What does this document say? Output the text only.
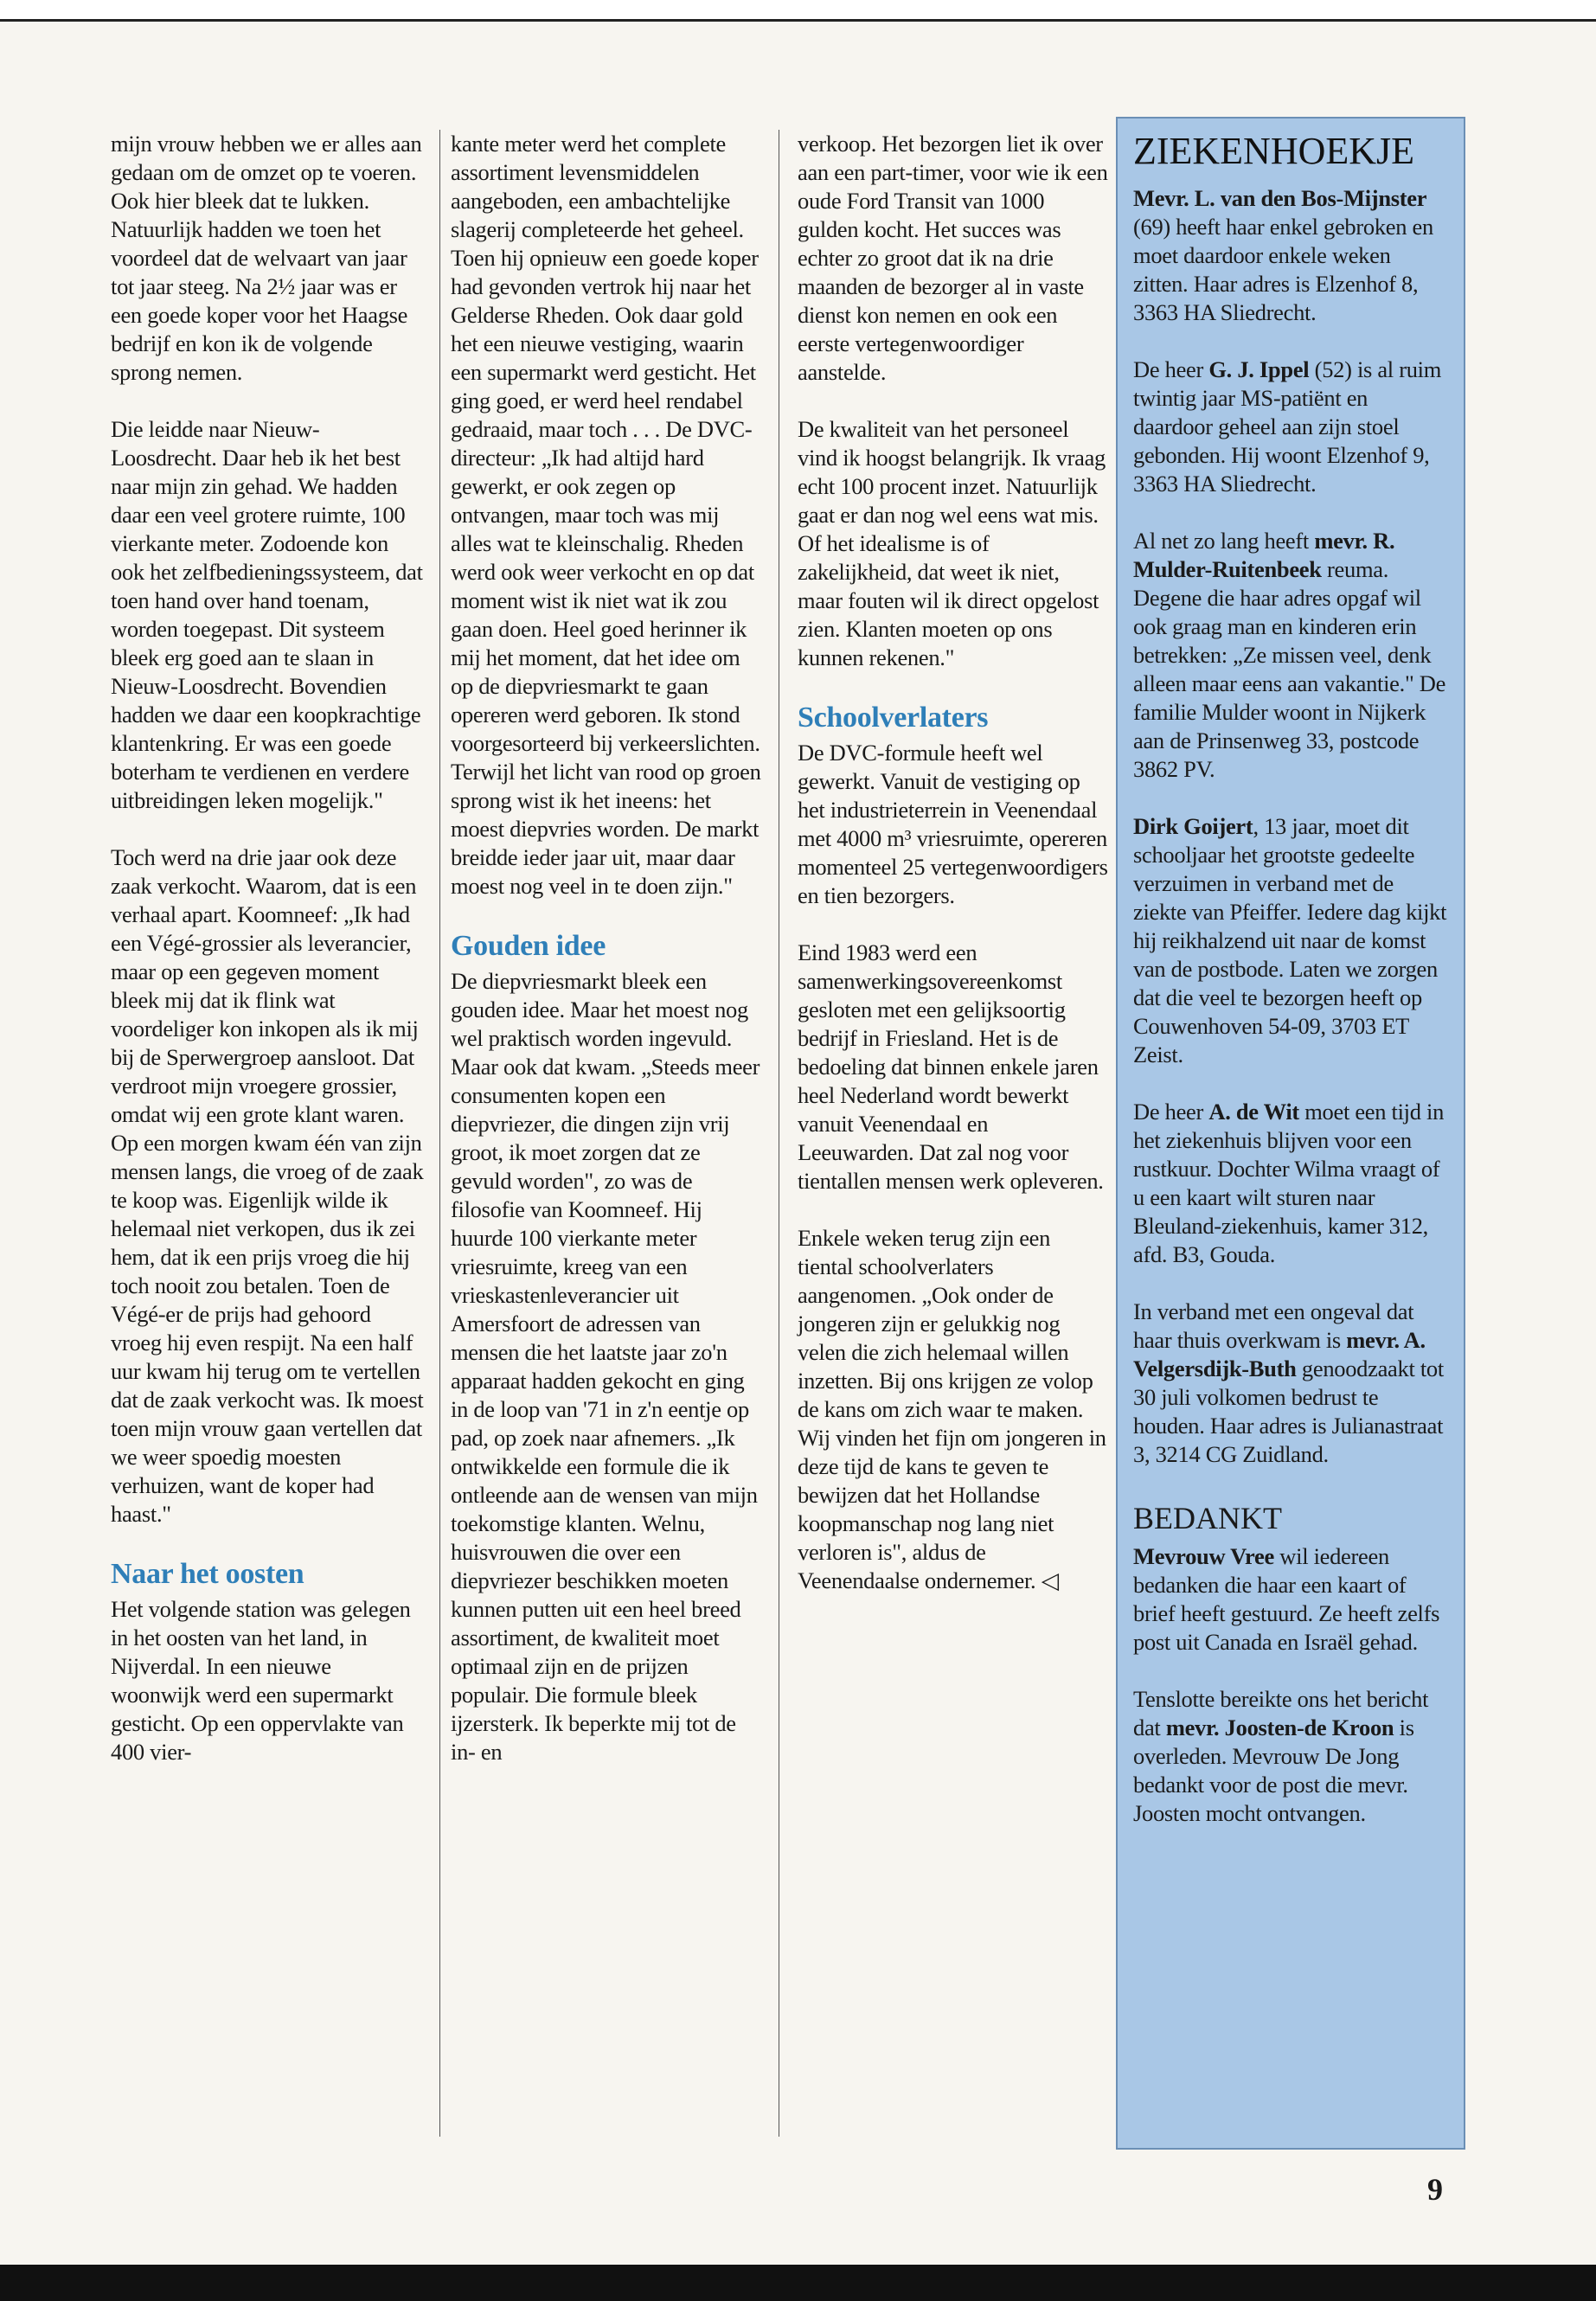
mijn vrouw hebben we er alles aan gedaan om de omzet op te voeren. Ook hier bleek dat te lukken. Natuurlijk hadden we toen het voordeel dat de welvaart van jaar tot jaar steeg. Na 2½ jaar was er een goede koper voor het Haagse bedrijf en kon ik de volgende sprong nemen.

Die leidde naar Nieuw-Loosdrecht. Daar heb ik het best naar mijn zin gehad. We hadden daar een veel grotere ruimte, 100 vierkante meter. Zodoende kon ook het zelfbedieningssysteem, dat toen hand over hand toenam, worden toegepast. Dit systeem bleek erg goed aan te slaan in Nieuw-Loosdrecht. Bovendien hadden we daar een koopkrachtige klantenkring. Er was een goede boterham te verdienen en verdere uitbreidingen leken mogelijk."

Toch werd na drie jaar ook deze zaak verkocht. Waarom, dat is een verhaal apart. Koomneef: „Ik had een Végé-grossier als leverancier, maar op een gegeven moment bleek mij dat ik flink wat voordeliger kon inkopen als ik mij bij de Sperwergroep aansloot. Dat verdroot mijn vroegere grossier, omdat wij een grote klant waren. Op een morgen kwam één van zijn mensen langs, die vroeg of de zaak te koop was. Eigenlijk wilde ik helemaal niet verkopen, dus ik zei hem, dat ik een prijs vroeg die hij toch nooit zou betalen. Toen de Végé-er de prijs had gehoord vroeg hij even respijt. Na een half uur kwam hij terug om te vertellen dat de zaak verkocht was. Ik moest toen mijn vrouw gaan vertellen dat we weer spoedig moesten verhuizen, want de koper had haast."

Naar het oosten

Het volgende station was gelegen in het oosten van het land, in Nijverdal. In een nieuwe woonwijk werd een supermarkt gesticht. Op een oppervlakte van 400 vier-

kante meter werd het complete assortiment levensmiddelen aangeboden, een ambachtelijke slagerij completeerde het geheel. Toen hij opnieuw een goede koper had gevonden vertrok hij naar het Gelderse Rheden. Ook daar gold het een nieuwe vestiging, waarin een supermarkt werd gesticht. Het ging goed, er werd heel rendabel gedraaid, maar toch . . . De DVC-directeur: „Ik had altijd hard gewerkt, er ook zegen op ontvangen, maar toch was mij alles wat te kleinschalig. Rheden werd ook weer verkocht en op dat moment wist ik niet wat ik zou gaan doen. Heel goed herinner ik mij het moment, dat het idee om op de diepvriesmarkt te gaan opereren werd geboren. Ik stond voorgesorteerd bij verkeerslichten. Terwijl het licht van rood op groen sprong wist ik het ineens: het moest diepvries worden. De markt breidde ieder jaar uit, maar daar moest nog veel in te doen zijn."

Gouden idee

De diepvriesmarkt bleek een gouden idee. Maar het moest nog wel praktisch worden ingevuld. Maar ook dat kwam. „Steeds meer consumenten kopen een diepvriezer, die dingen zijn vrij groot, ik moet zorgen dat ze gevuld worden", zo was de filosofie van Koomneef. Hij huurde 100 vierkante meter vriesruimte, kreeg van een vrieskastenleverancier uit Amersfoort de adressen van mensen die het laatste jaar zo'n apparaat hadden gekocht en ging in de loop van '71 in z'n eentje op pad, op zoek naar afnemers. „Ik ontwikkelde een formule die ik ontleende aan de wensen van mijn toekomstige klanten. Welnu, huisvrouwen die over een diepvriezer beschikken moeten kunnen putten uit een heel breed assortiment, de kwaliteit moet optimaal zijn en de prijzen populair. Die formule bleek ijzersterk. Ik beperkte mij tot de in- en

verkoop. Het bezorgen liet ik over aan een part-timer, voor wie ik een oude Ford Transit van 1000 gulden kocht. Het succes was echter zo groot dat ik na drie maanden de bezorger al in vaste dienst kon nemen en ook een eerste vertegenwoordiger aanstelde.

De kwaliteit van het personeel vind ik hoogst belangrijk. Ik vraag echt 100 procent inzet. Natuurlijk gaat er dan nog wel eens wat mis. Of het idealisme is of zakelijkheid, dat weet ik niet, maar fouten wil ik direct opgelost zien. Klanten moeten op ons kunnen rekenen."

Schoolverlaters

De DVC-formule heeft wel gewerkt. Vanuit de vestiging op het industrieterrein in Veenendaal met 4000 m³ vriesruimte, opereren momenteel 25 vertegenwoordigers en tien bezorgers.

Eind 1983 werd een samenwerkingsovereenkomst gesloten met een gelijksoortig bedrijf in Friesland. Het is de bedoeling dat binnen enkele jaren heel Nederland wordt bewerkt vanuit Veenendaal en Leeuwarden. Dat zal nog voor tientallen mensen werk opleveren.

Enkele weken terug zijn een tiental schoolverlaters aangenomen. „Ook onder de jongeren zijn er gelukkig nog velen die zich helemaal willen inzetten. Bij ons krijgen ze volop de kans om zich waar te maken. Wij vinden het fijn om jongeren in deze tijd de kans te geven te bewijzen dat het Hollandse koopmanschap nog lang niet verloren is", aldus de Veenendaalse ondernemer. ◁

ZIEKENHOEKJE

Mevr. L. van den Bos-Mijnster (69) heeft haar enkel gebroken en moet daardoor enkele weken zitten. Haar adres is Elzenhof 8, 3363 HA Sliedrecht.

De heer G. J. Ippel (52) is al ruim twintig jaar MS-patiënt en daardoor geheel aan zijn stoel gebonden. Hij woont Elzenhof 9, 3363 HA Sliedrecht.

Al net zo lang heeft mevr. R. Mulder-Ruitenbeek reuma. Degene die haar adres opgaf wil ook graag man en kinderen erin betrekken: „Ze missen veel, denk alleen maar eens aan vakantie." De familie Mulder woont in Nijkerk aan de Prinsenweg 33, postcode 3862 PV.

Dirk Goijert, 13 jaar, moet dit schooljaar het grootste gedeelte verzuimen in verband met de ziekte van Pfeiffer. Iedere dag kijkt hij reikhalzend uit naar de komst van de postbode. Laten we zorgen dat die veel te bezorgen heeft op Couwenhoven 54-09, 3703 ET Zeist.

De heer A. de Wit moet een tijd in het ziekenhuis blijven voor een rustkuur. Dochter Wilma vraagt of u een kaart wilt sturen naar Bleuland-ziekenhuis, kamer 312, afd. B3, Gouda.

In verband met een ongeval dat haar thuis overkwam is mevr. A. Velgersdijk-Buth genoodzaakt tot 30 juli volkomen bedrust te houden. Haar adres is Julianastraat 3, 3214 CG Zuidland.

BEDANKT

Mevrouw Vree wil iedereen bedanken die haar een kaart of brief heeft gestuurd. Ze heeft zelfs post uit Canada en Israël gehad.

Tenslotte bereikte ons het bericht dat mevr. Joosten-de Kroon is overleden. Mevrouw De Jong bedankt voor de post die mevr. Joosten mocht ontvangen.

9
